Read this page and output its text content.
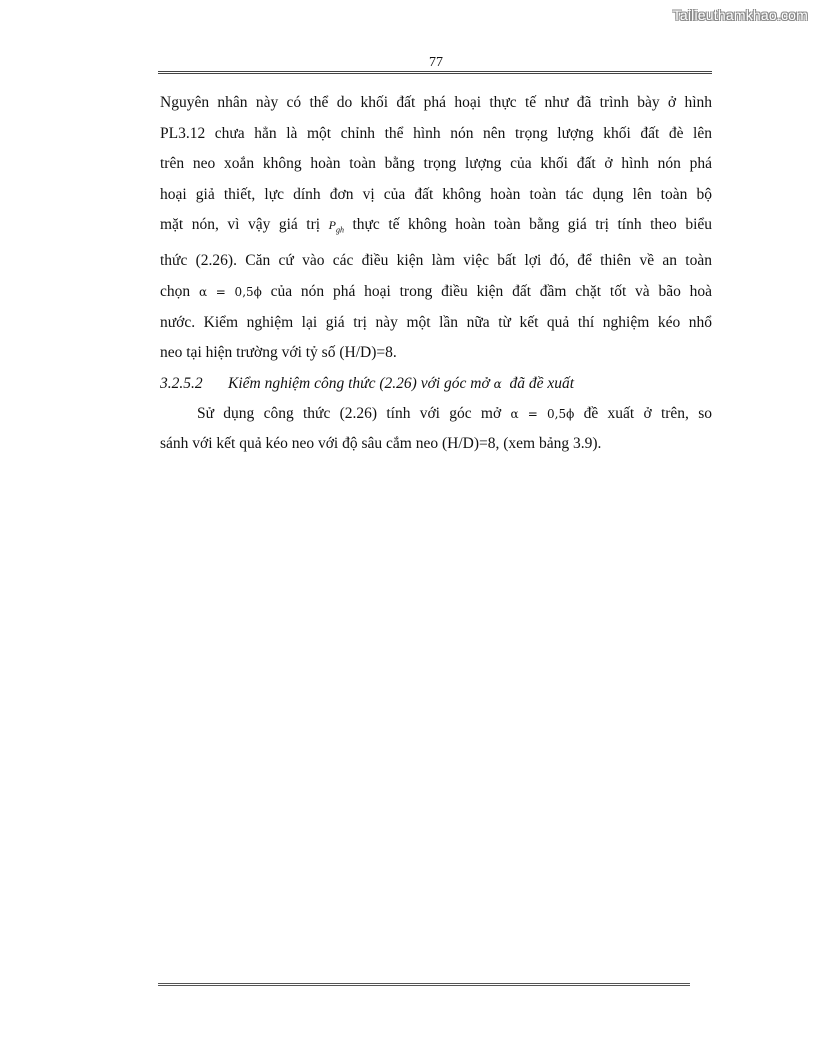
Tailieuthamkhao.com
77

Nguyên nhân này có thể do khối đất phá hoại thực tế như đã trình bày ở hình
PL3.12 chưa hẳn là một chỉnh thể hình nón nên trọng lượng khối đất đè lên
trên neo xoắn không hoàn toàn bằng trọng lượng của khối đất ở hình nón phá
hoại giả thiết, lực dính đơn vị của đất không hoàn toàn tác dụng lên toàn bộ
mặt nón, vì vậy giá trị $P_{gh}$ thực tế không hoàn toàn bằng giá trị tính theo biểu
thức (2.26). Căn cứ vào các điều kiện làm việc bất lợi đó, để thiên về an toàn
chọn α = 0,5ϕ của nón phá hoại trong điều kiện đất đầm chặt tốt và bão hoà
nước. Kiểm nghiệm lại giá trị này một lần nữa từ kết quả thí nghiệm kéo nhổ
neo tại hiện trường với tỷ số (H/D)=8.

3.2.5.2 Kiểm nghiệm công thức (2.26) với góc mở α đã đề xuất

Sử dụng công thức (2.26) tính với góc mở α = 0,5ϕ đề xuất ở trên, so
sánh với kết quả kéo neo với độ sâu cắm neo (H/D)=8, (xem bảng 3.9).
